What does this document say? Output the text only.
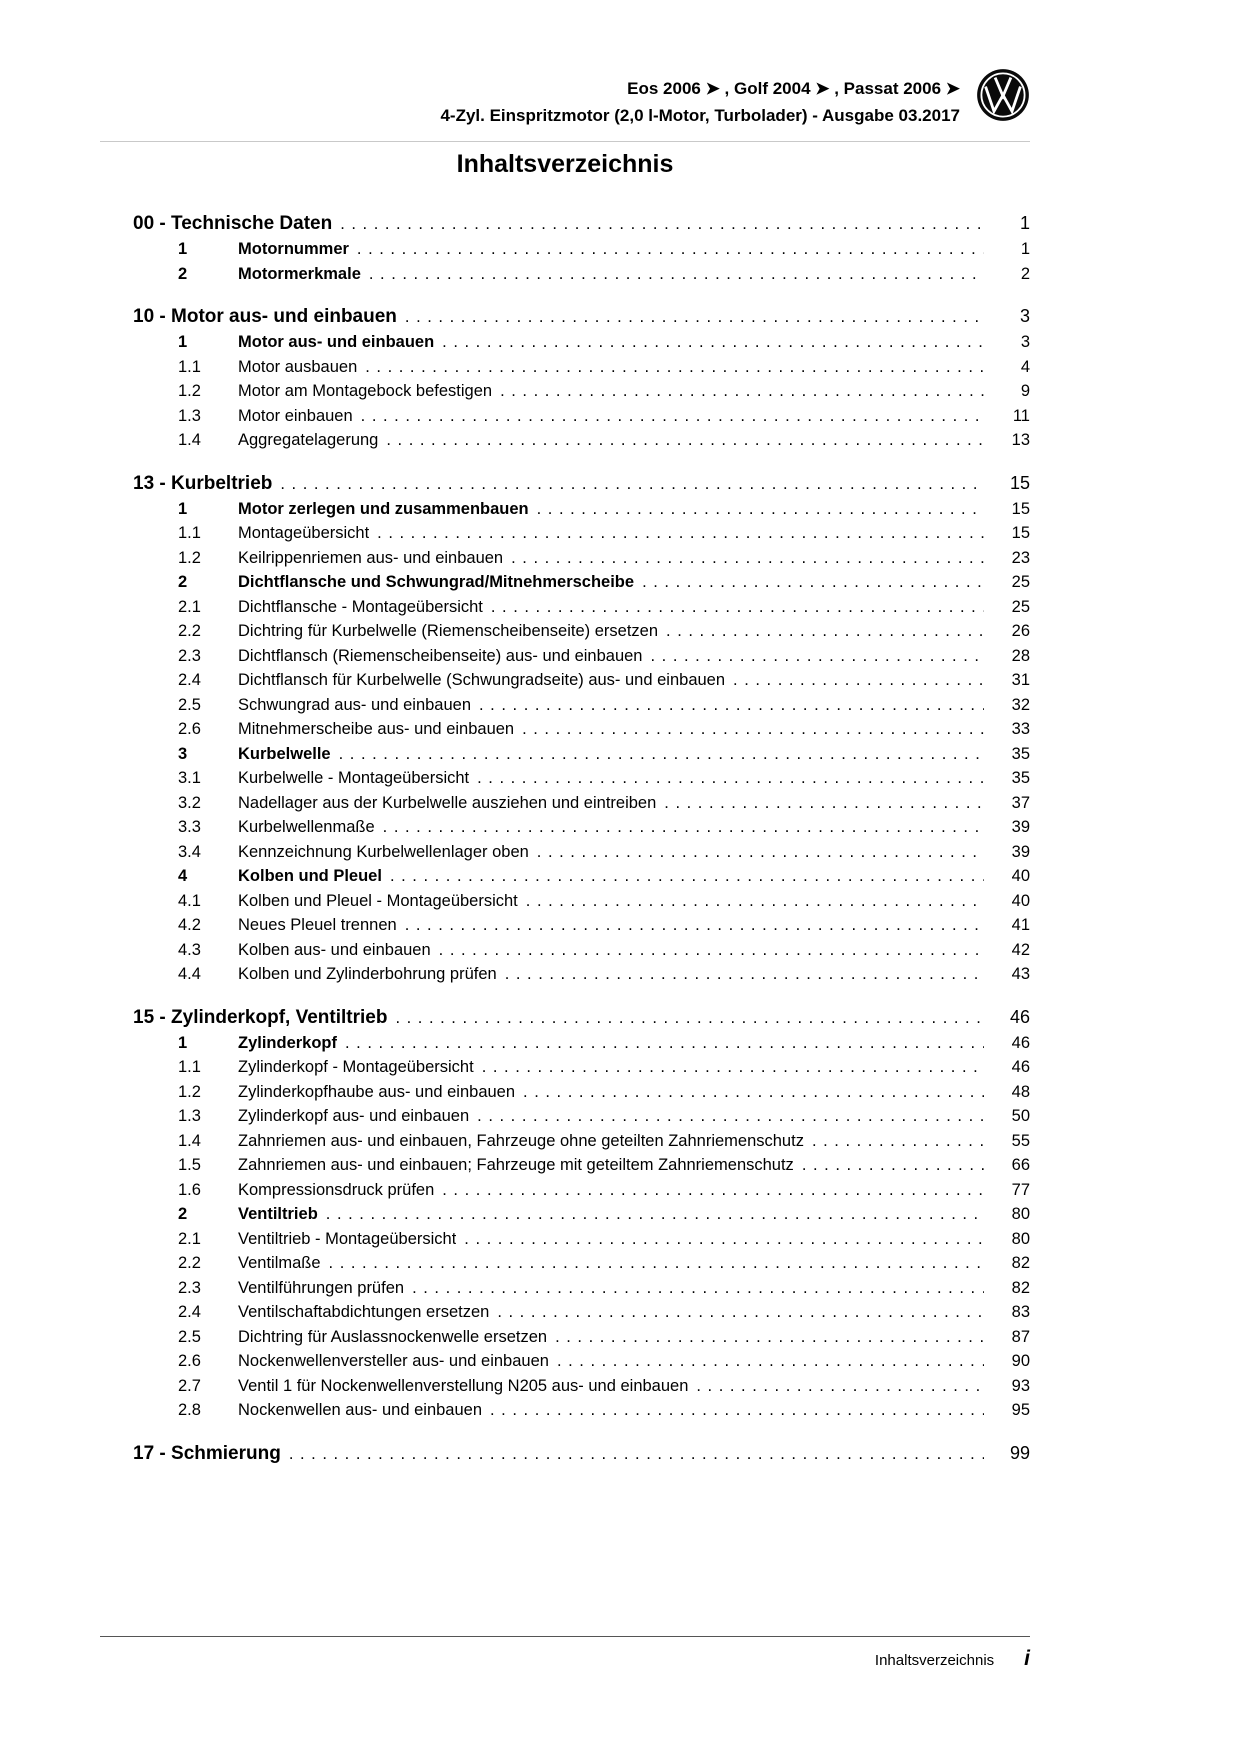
Eos 2006 ➤ , Golf 2004 ➤ , Passat 2006 ➤
4-Zyl. Einspritzmotor (2,0 l-Motor, Turbolader) - Ausgabe 03.2017
Inhaltsverzeichnis
00 - Technische Daten . . .	1
1	Motornummer . . .	1
2	Motormerkmale . . .	2
10 - Motor aus- und einbauen . . .	3
1	Motor aus- und einbauen . . .	3
1.1	Motor ausbauen . . .	4
1.2	Motor am Montagebock befestigen . . .	9
1.3	Motor einbauen . . .	11
1.4	Aggregatelagerung . . .	13
13 - Kurbeltrieb . . .	15
1	Motor zerlegen und zusammenbauen . . .	15
1.1	Montageübersicht . . .	15
1.2	Keilrippenriemen aus- und einbauen . . .	23
2	Dichtflansche und Schwungrad/Mitnehmerscheibe . . .	25
2.1	Dichtflansche - Montageübersicht . . .	25
2.2	Dichtring für Kurbelwelle (Riemenscheibenseite) ersetzen . . .	26
2.3	Dichtflansch (Riemenscheibenseite) aus- und einbauen . . .	28
2.4	Dichtflansch für Kurbelwelle (Schwungradseite) aus- und einbauen . . .	31
2.5	Schwungrad aus- und einbauen . . .	32
2.6	Mitnehmerscheibe aus- und einbauen . . .	33
3	Kurbelwelle . . .	35
3.1	Kurbelwelle - Montageübersicht . . .	35
3.2	Nadellager aus der Kurbelwelle ausziehen und eintreiben . . .	37
3.3	Kurbelwellenmaße . . .	39
3.4	Kennzeichnung Kurbelwellenlager oben . . .	39
4	Kolben und Pleuel . . .	40
4.1	Kolben und Pleuel - Montageübersicht . . .	40
4.2	Neues Pleuel trennen . . .	41
4.3	Kolben aus- und einbauen . . .	42
4.4	Kolben und Zylinderbohrung prüfen . . .	43
15 - Zylinderkopf, Ventiltrieb . . .	46
1	Zylinderkopf . . .	46
1.1	Zylinderkopf - Montageübersicht . . .	46
1.2	Zylinderkopfhaube aus- und einbauen . . .	48
1.3	Zylinderkopf aus- und einbauen . . .	50
1.4	Zahnriemen aus- und einbauen, Fahrzeuge ohne geteilten Zahnriemenschutz . . .	55
1.5	Zahnriemen aus- und einbauen; Fahrzeuge mit geteiltem Zahnriemenschutz . . .	66
1.6	Kompressionsdruck prüfen . . .	77
2	Ventiltrieb . . .	80
2.1	Ventiltrieb - Montageübersicht . . .	80
2.2	Ventilmaße . . .	82
2.3	Ventilführungen prüfen . . .	82
2.4	Ventilschaftabdichtungen ersetzen . . .	83
2.5	Dichtring für Auslassnockenwelle ersetzen . . .	87
2.6	Nockenwellenversteller aus- und einbauen . . .	90
2.7	Ventil 1 für Nockenwellenverstellung N205 aus- und einbauen . . .	93
2.8	Nockenwellen aus- und einbauen . . .	95
17 - Schmierung . . .	99
Inhaltsverzeichnis i
